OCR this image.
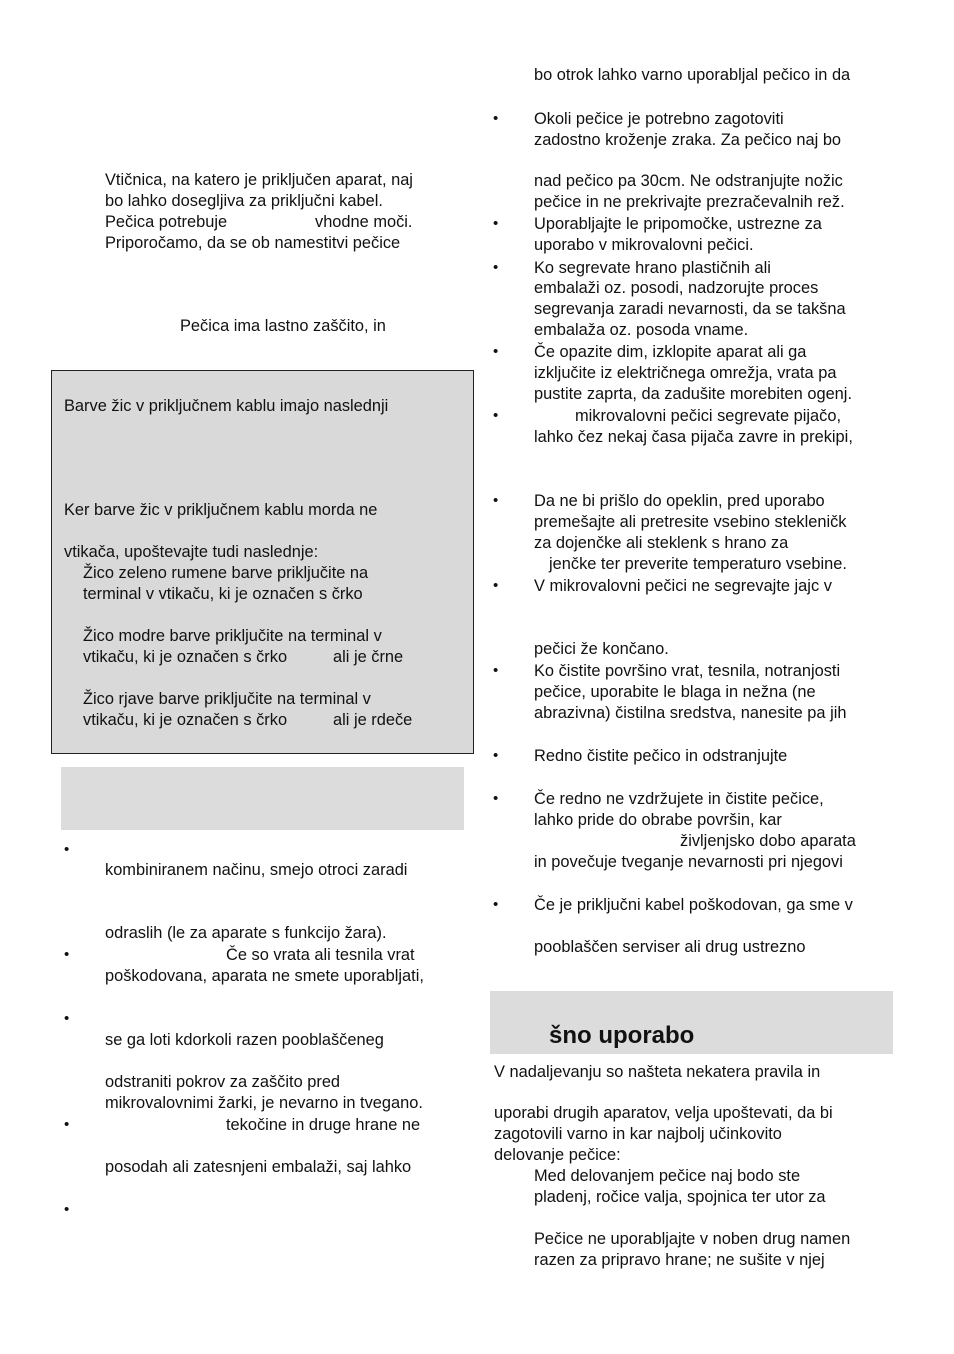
Vtičnica, na katero je priključen aparat, naj
bo lahko dosegljiva za priključni kabel.
Pečica potrebuje	vhodne moči.
Priporočamo, da se ob namestitvi pečice
Pečica ima lastno zaščito, in
Barve žic v priključnem kablu imajo naslednji
Ker barve žic v priključnem kablu morda ne
vtikača, upoštevajte tudi naslednje:
Žico zeleno rumene barve priključite na
terminal v vtikaču, ki je označen s črko
Žico modre barve priključite na terminal v
vtikaču, ki je označen s črko	ali je črne
Žico rjave barve priključite na terminal v
vtikaču, ki je označen s črko	ali je rdeče
•
kombiniranem načinu, smejo otroci zaradi
odraslih (le za aparate s funkcijo žara).
•	Če so vrata ali tesnila vrat
poškodovana, aparata ne smete uporabljati,
•
se ga loti kdorkoli razen pooblaščeneg
odstraniti pokrov za zaščito pred
mikrovalovnimi žarki, je nevarno in tvegano.
•	tekočine in druge hrane ne
posodah ali zatesnjeni embalaži, saj lahko
•
bo otrok lahko varno uporabljal pečico in da
• Okoli pečice je potrebno zagotoviti
zadostno kroženje zraka. Za pečico naj bo
nad pečico pa 30cm. Ne odstranjujte nožic
pečice in ne prekrivajte prezračevalnih rež.
• Uporabljajte le pripomočke, ustrezne za
uporabo v mikrovalovni pečici.
• Ko segrevate hrano plastičnih ali
embalaži oz. posodi, nadzorujte proces
segrevanja zaradi nevarnosti, da se takšna
embalaža oz. posoda vname.
• Če opazite dim, izklopite aparat ali ga
izključite iz električnega omrežja, vrata pa
pustite zaprta, da zadušite morebiten ogenj.
•	mikrovalovni pečici segrevate pijačo,
lahko čez nekaj časa pijača zavre in prekipi,
• Da ne bi prišlo do opeklin, pred uporabo
premešajte ali pretresite vsebino stekleničk
za dojenčke ali steklenk s hrano za
jenčke ter preverite temperaturo vsebine.
• V mikrovalovni pečici ne segrevajte jajc v
pečici že končano.
• Ko čistite površino vrat, tesnila, notranjosti
pečice, uporabite le blaga in nežna (ne
abrazivna) čistilna sredstva, nanesite pa jih
• Redno čistite pečico in odstranjujte
• Če redno ne vzdržujete in čistite pečice,
lahko pride do obrabe površin, kar
življenjsko dobo aparata
in povečuje tveganje nevarnosti pri njegovi
• Če je priključni kabel poškodovan, ga sme v
pooblaščen serviser ali drug ustrezno
šno uporabo
V nadaljevanju so našteta nekatera pravila in
uporabi drugih aparatov, velja upoštevati, da bi
zagotovili varno in kar najbolj učinkovito
delovanje pečice:
Med delovanjem pečice naj bodo ste
pladenj, ročice valja, spojnica ter utor za
Pečice ne uporabljajte v noben drug namen
razen za pripravo hrane; ne sušite v njej
